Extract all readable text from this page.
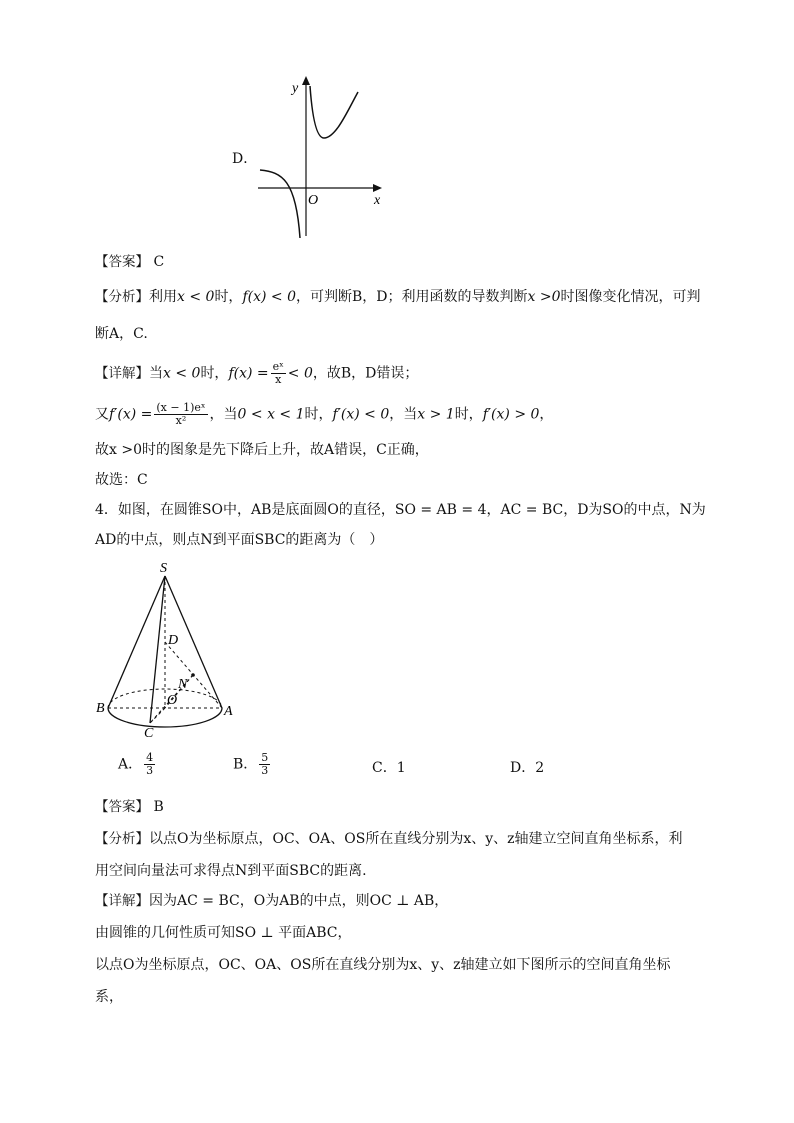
D．
y
x
O
【答案】 C
【分析】利用x < 0时，f(x) < 0，可判断B，D；利用函数的导数判断x >0时图像变化情况，可判
断A，C.
【详解】当x < 0时，$f(x) = \frac{\text{eˣ}}{x} < 0$，故B，D错误；
又$f'(x) = \frac{\text{(x − 1)eˣ}}{\text{x²}}$ ，当0 < x < 1时，f′(x) < 0，当x > 1时，f′(x) > 0，
故x >0时的图象是先下降后上升，故A错误，C正确，
故选：C
4．如图，在圆锥SO中，AB是底面圆O的直径，SO = AB = 4，AC = BC，D为SO的中点，N为
AD的中点，则点N到平面SBC的距离为（　）
S
D
N
O
B
C
A
A． $\frac{4}{3}$	B． $\frac{5}{3}$	C．1	D．2
【答案】 B
【分析】以点O为坐标原点，OC、OA、OS所在直线分别为x、y、z轴建立空间直角坐标系，利
用空间向量法可求得点N到平面SBC的距离.
【详解】因为AC = BC，O为AB的中点，则OC ⊥ AB，
由圆锥的几何性质可知SO ⊥ 平面ABC，
以点O为坐标原点，OC、OA、OS所在直线分别为x、y、z轴建立如下图所示的空间直角坐标
系，
